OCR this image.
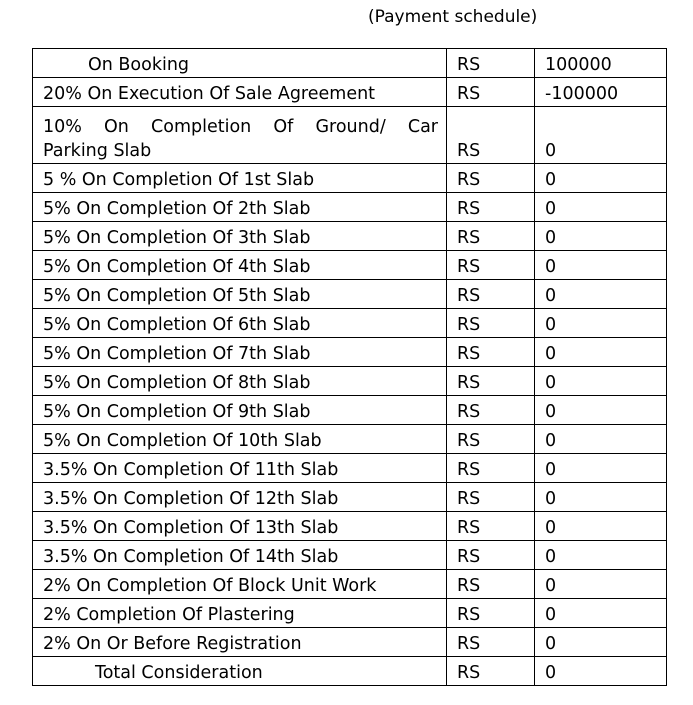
(Payment schedule)
On Booking	RS	100000
20% On Execution Of Sale Agreement	RS	-100000

10% On Completion Of Ground/ Car
Parking Slab	RS	0
5 % On Completion Of 1st Slab	RS	0
5% On Completion Of 2th Slab	RS	0
5% On Completion Of 3th Slab	RS	0
5% On Completion Of 4th Slab	RS	0
5% On Completion Of 5th Slab	RS	0
5% On Completion Of 6th Slab	RS	0
5% On Completion Of 7th Slab	RS	0
5% On Completion Of 8th Slab	RS	0
5% On Completion Of 9th Slab	RS	0
5% On Completion Of 10th Slab	RS	0
3.5% On Completion Of 11th Slab	RS	0
3.5% On Completion Of 12th Slab	RS	0
3.5% On Completion Of 13th Slab	RS	0
3.5% On Completion Of 14th Slab	RS	0
2% On Completion Of Block Unit Work	RS	0
2% Completion Of Plastering	RS	0
2% On Or Before Registration	RS	0
Total Consideration	RS	0
